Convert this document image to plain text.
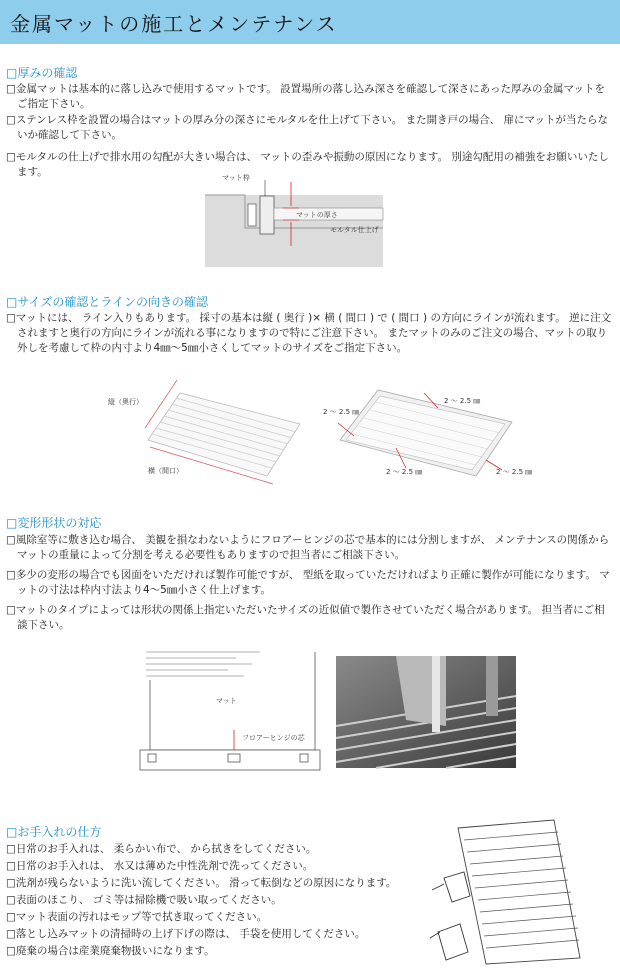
金属マットの施工とメンテナンス
□厚みの確認
□金属マットは基本的に落し込みで使用するマットです。 設置場所の落し込み深さを確認して深さにあった厚みの金属マットをご指定下さい。
□ステンレス枠を設置の場合はマットの厚み分の深さにモルタルを仕上げて下さい。 また開き戸の場合、 扉にマットが当たらないか確認して下さい。
□モルタルの仕上げで排水用の勾配が大きい場合は、 マットの歪みや振動の原因になります。 別途勾配用の補強をお願いいたします。	マット枠
マットの厚さ
モルタル仕上げ
□サイズの確認とラインの向きの確認
□マットには、 ライン入りもあります。 採寸の基本は縦 ( 奥行 )× 横 ( 間口 ) で ( 間口 ) の方向にラインが流れます。 逆に注文されますと奥行の方向にラインが流れる事になりますので特にご注意下さい。 またマットのみのご注文の場合、マットの取り外しを考慮して枠の内寸より4㎜～5㎜小さくしてマットのサイズをご指定下さい。
縦（奥行）
横（間口）
2 ～ 2.5 ㎜
2 ～ 2.5 ㎜
2 ～ 2.5 ㎜	2 ～ 2.5 ㎜
□変形形状の対応
□風除室等に敷き込む場合、 美観を損なわないようにフロアーヒンジの芯で基本的には分割しますが、 メンテナンスの関係からマットの重量によって分割を考える必要性もありますので担当者にご相談下さい。
□多少の変形の場合でも図面をいただければ製作可能ですが、 型紙を取っていただければより正確に製作が可能になります。 マットの寸法は枠内寸法より4～5㎜小さく仕上げます。
□マットのタイプによっては形状の関係上指定いただいたサイズの近似値で製作させていただく場合があります。 担当者にご相談下さい。
マット
フロアーヒンジの芯
□お手入れの仕方
□日常のお手入れは、 柔らかい布で、 から拭きをしてください。
□日常のお手入れは、 水又は薄めた中性洗剤で洗ってください。
□洗剤が残らないように洗い流してください。 滑って転倒などの原因になります。
□表面のほこり、 ゴミ等は掃除機で吸い取ってください。
□マット表面の汚れはモップ等で拭き取ってください。
□落とし込みマットの清掃時の上げ下げの際は、 手袋を使用してください。
□廃棄の場合は産業廃棄物扱いになります。
